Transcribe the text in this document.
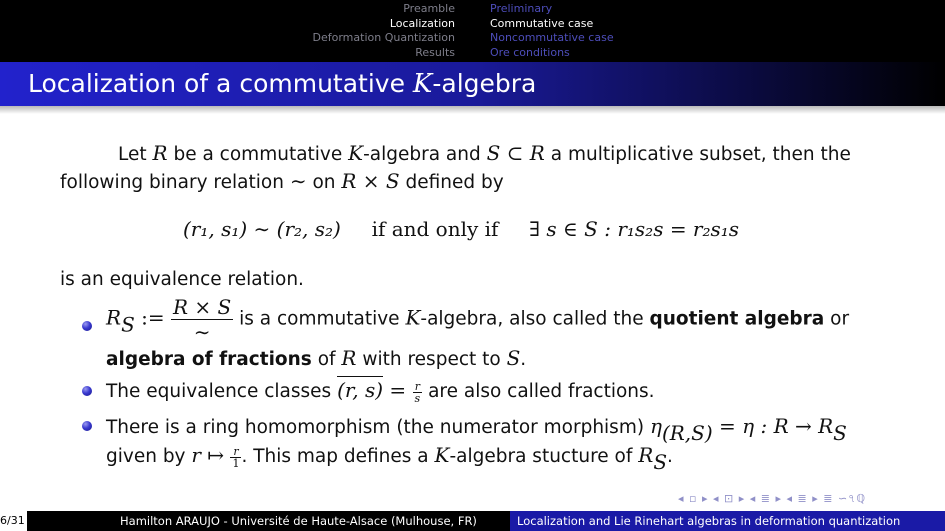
Preamble
Localization
Deformation Quantization
Results
Preliminary
Commutative case
Noncommutative case
Ore conditions
Localization of a commutative K-algebra
Let R be a commutative K-algebra and S ⊂ R a multiplicative subset, then the
following binary relation ∼ on R × S defined by
(r₁, s₁) ∼ (r₂, s₂) if and only if ∃ s ∈ S : r₁s₂s = r₂s₁s
is an equivalence relation.
$R_S$ := $\frac{R \times S}{\sim}$ is a commutative K-algebra, also called the quotient algebra or
algebra of fractions of R with respect to S.
The equivalence classes (r, $s) = \frac{r}{s}$ are also called fractions.
There is a ring homomorphism (the numerator morphism) $\eta_{(R,S)} = \eta$ : $R \to R_S$
given by r ↦ $\frac{r}{1}$ . This map defines a K-algebra stucture of $R_S$.
◂ ▫ ▸ ◂ ⊡ ▸ ◂ ≣ ▸ ◂ ≣ ▸ ≣ ∽৭ℚ
6/31	Hamilton ARAUJO - Université de Haute-Alsace (Mulhouse, FR)	Localization and Lie Rinehart algebras in deformation quantization
